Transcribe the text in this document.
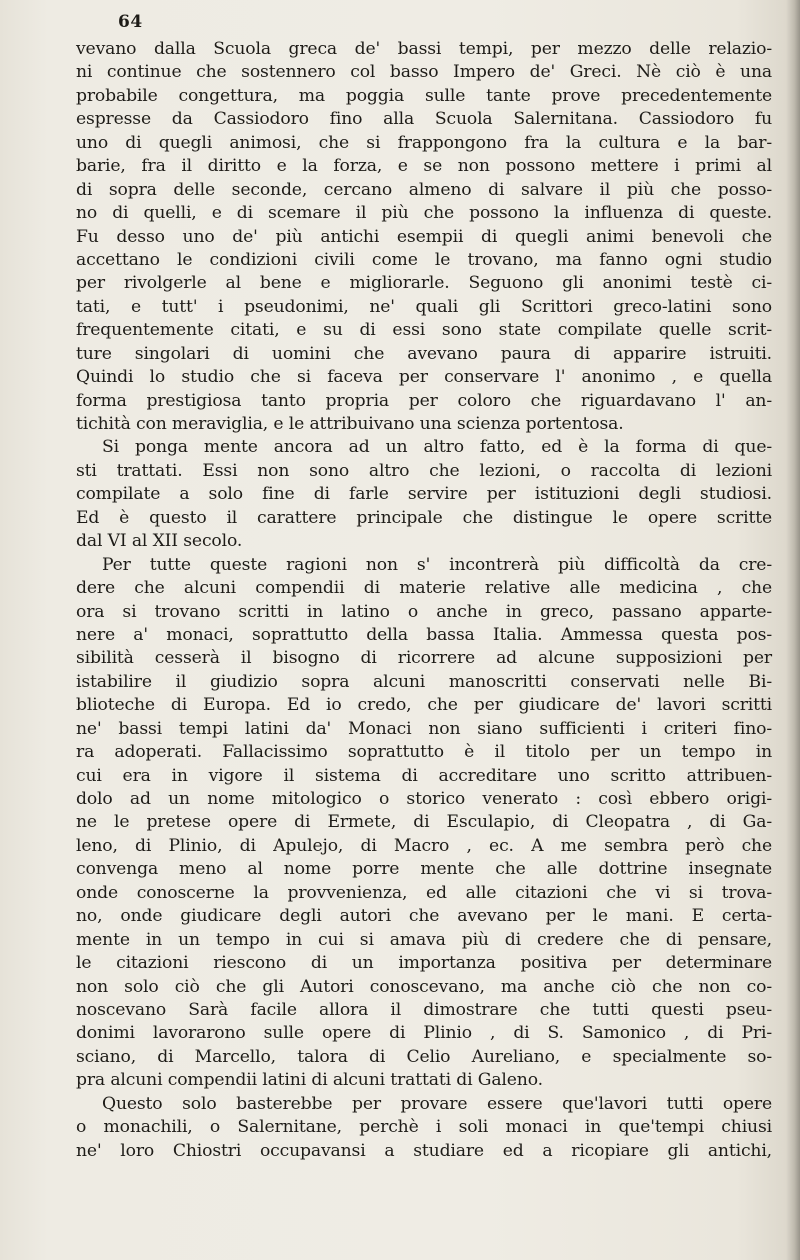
64
vevano dalla Scuola greca de' bassi tempi, per mezzo delle relazio-
ni continue che sostennero col basso Impero de' Greci. Nè ciò è una
probabile congettura, ma poggia sulle tante prove precedentemente
espresse da Cassiodoro fino alla Scuola Salernitana. Cassiodoro fu
uno di quegli animosi, che si frappongono fra la cultura e la bar-
barie, fra il diritto e la forza, e se non possono mettere i primi al
di sopra delle seconde, cercano almeno di salvare il più che posso-
no di quelli, e di scemare il più che possono la influenza di queste.
Fu desso uno de' più antichi esempii di quegli animi benevoli che
accettano le condizioni civili come le trovano, ma fanno ogni studio
per rivolgerle al bene e migliorarle. Seguono gli anonimi testè ci-
tati, e tutt' i pseudonimi, ne' quali gli Scrittori greco-latini sono
frequentemente citati, e su di essi sono state compilate quelle scrit-
ture singolari di uomini che avevano paura di apparire istruiti.
Quindi lo studio che si faceva per conservare l' anonimo , e quella
forma prestigiosa tanto propria per coloro che riguardavano l' an-
tichità con meraviglia, e le attribuivano una scienza portentosa.
Si ponga mente ancora ad un altro fatto, ed è la forma di que-
sti trattati. Essi non sono altro che lezioni, o raccolta di lezioni
compilate a solo fine di farle servire per istituzioni degli studiosi.
Ed è questo il carattere principale che distingue le opere scritte
dal VI al XII secolo.
Per tutte queste ragioni non s' incontrerà più difficoltà da cre-
dere che alcuni compendii di materie relative alle medicina , che
ora si trovano scritti in latino o anche in greco, passano apparte-
nere a' monaci, soprattutto della bassa Italia. Ammessa questa pos-
sibilità cesserà il bisogno di ricorrere ad alcune supposizioni per
istabilire il giudizio sopra alcuni manoscritti conservati nelle Bi-
blioteche di Europa. Ed io credo, che per giudicare de' lavori scritti
ne' bassi tempi latini da' Monaci non siano sufficienti i criteri fino-
ra adoperati. Fallacissimo soprattutto è il titolo per un tempo in
cui era in vigore il sistema di accreditare uno scritto attribuen-
dolo ad un nome mitologico o storico venerato : così ebbero origi-
ne le pretese opere di Ermete, di Esculapio, di Cleopatra , di Ga-
leno, di Plinio, di Apulejo, di Macro , ec. A me sembra però che
convenga meno al nome porre mente che alle dottrine insegnate
onde conoscerne la provvenienza, ed alle citazioni che vi si trova-
no, onde giudicare degli autori che avevano per le mani. E certa-
mente in un tempo in cui si amava più di credere che di pensare,
le citazioni riescono di un importanza positiva per determinare
non solo ciò che gli Autori conoscevano, ma anche ciò che non co-
noscevano Sarà facile allora il dimostrare che tutti questi pseu-
donimi lavorarono sulle opere di Plinio , di S. Samonico , di Pri-
sciano, di Marcello, talora di Celio Aureliano, e specialmente so-
pra alcuni compendii latini di alcuni trattati di Galeno.
Questo solo basterebbe per provare essere que'lavori tutti opere
o monachili, o Salernitane, perchè i soli monaci in que'tempi chiusi
ne' loro Chiostri occupavansi a studiare ed a ricopiare gli antichi,
